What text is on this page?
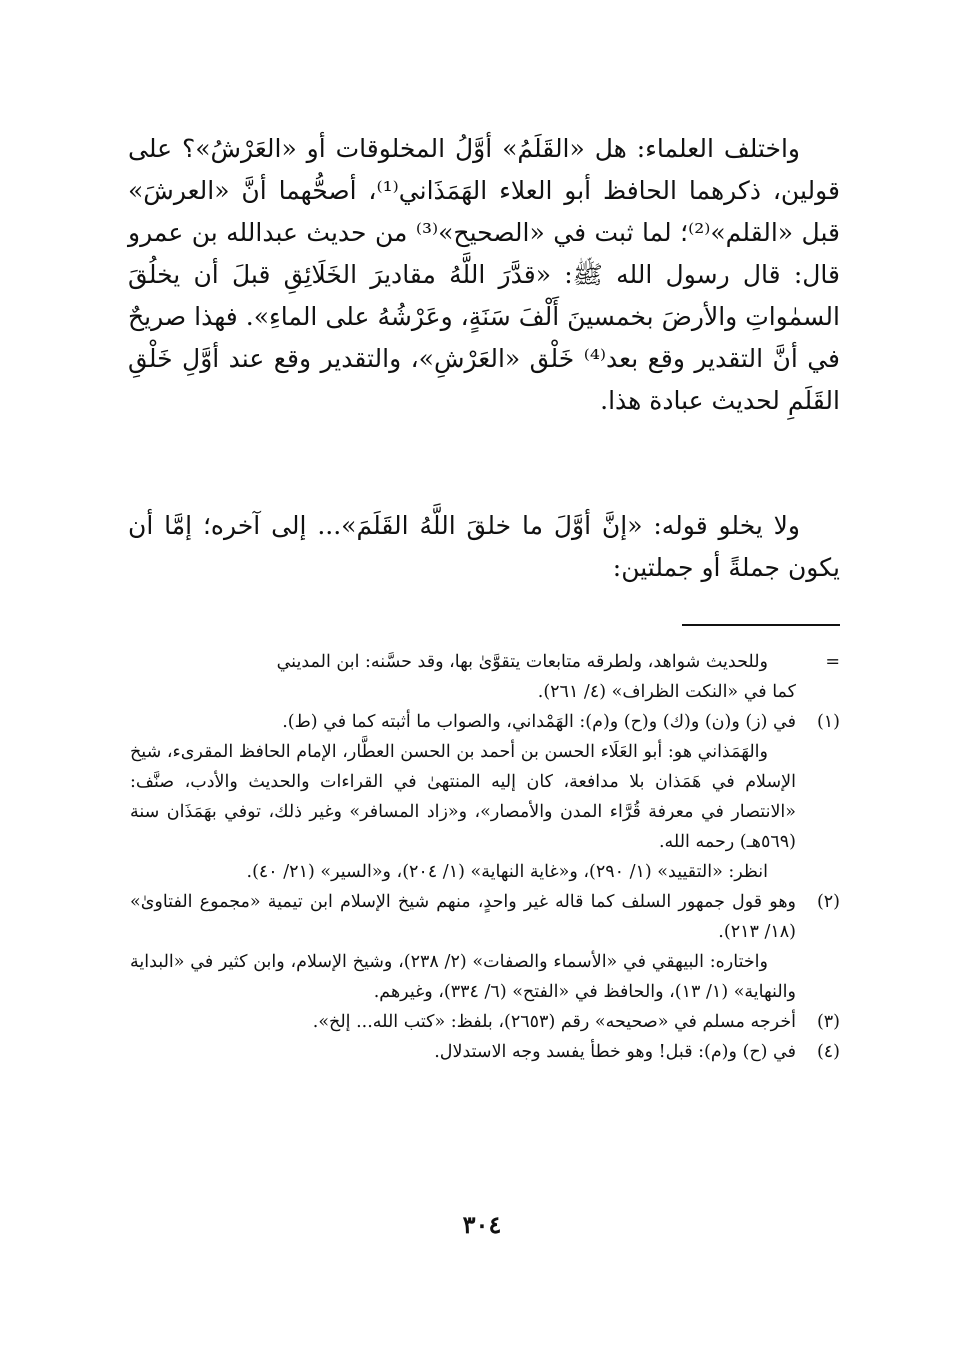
واختلف العلماء: هل «القَلَمُ» أوَّلُ المخلوقات أو «العَرْشُ»؟ على قولين، ذكرهما الحافظ أبو العلاء الهَمَذَاني⁽¹⁾، أصحُّهما أنَّ «العرشَ» قبل «القلم»⁽²⁾؛ لما ثبت في «الصحيح»⁽³⁾ من حديث عبدالله بن عمرو قال: قال رسول الله ﷺ: «قدَّرَ اللَّهُ مقاديرَ الخَلَائِقِ قبلَ أن يخلُقَ السمٰواتِ والأرضَ بخمسينَ أَلْفَ سَنَةٍ، وعَرْشُهُ على الماءِ». فهذا صريحٌ في أنَّ التقدير وقع بعد⁽⁴⁾ خَلْق «العَرْشِ»، والتقدير وقع عند أوَّلِ خَلْقِ القَلَمِ لحديث عبادة هذا.

ولا يخلو قوله: «إنَّ أوَّلَ ما خلقَ اللَّهُ القَلَمَ»... إلى آخره؛ إمَّا أن يكون جملةً أو جملتين:

=

وللحديث شواهد، ولطرقه متابعات يتقوَّىٰ بها، وقد حسَّنه: ابن المديني

كما في «النكت الظراف» (٤/ ٢٦١).

(١)

في (ز) و(ن) و(ك) و(ح) و(م): الهَمْداني، والصواب ما أثبته كما في (ط).

والهَمَذاني هو: أبو العَلَاء الحسن بن أحمد بن الحسن العطَّار، الإمام الحافظ المقرىء، شيخ الإسلام في هَمَذان بلا مدافعة، كان إليه المنتهىٰ في القراءات والحديث والأدب، صنَّف: «الانتصار في معرفة قُرَّاء المدن والأمصار»، و«زاد المسافر» وغير ذلك، توفي بهَمَذَان سنة (٥٦٩هـ) رحمه الله.

انظر: «التقييد» (١/ ٢٩٠)، و«غاية النهاية» (١/ ٢٠٤)، و«السير» (٢١/ ٤٠).

(٢)

وهو قول جمهور السلف كما قاله غير واحدٍ، منهم شيخ الإسلام ابن تيمية «مجموع الفتاوىٰ» (١٨/ ٢١٣).

واختاره: البيهقي في «الأسماء والصفات» (٢/ ٢٣٨)، وشيخ الإسلام، وابن كثير في «البداية والنهاية» (١/ ١٣)، والحافظ في «الفتح» (٦/ ٣٣٤)، وغيرهم.

(٣)

أخرجه مسلم في «صحيحه» رقم (٢٦٥٣)، بلفظ: «كتب الله... إلخ».

(٤)

في (ح) و(م): قبل! وهو خطأ يفسد وجه الاستدلال.

٣٠٤
